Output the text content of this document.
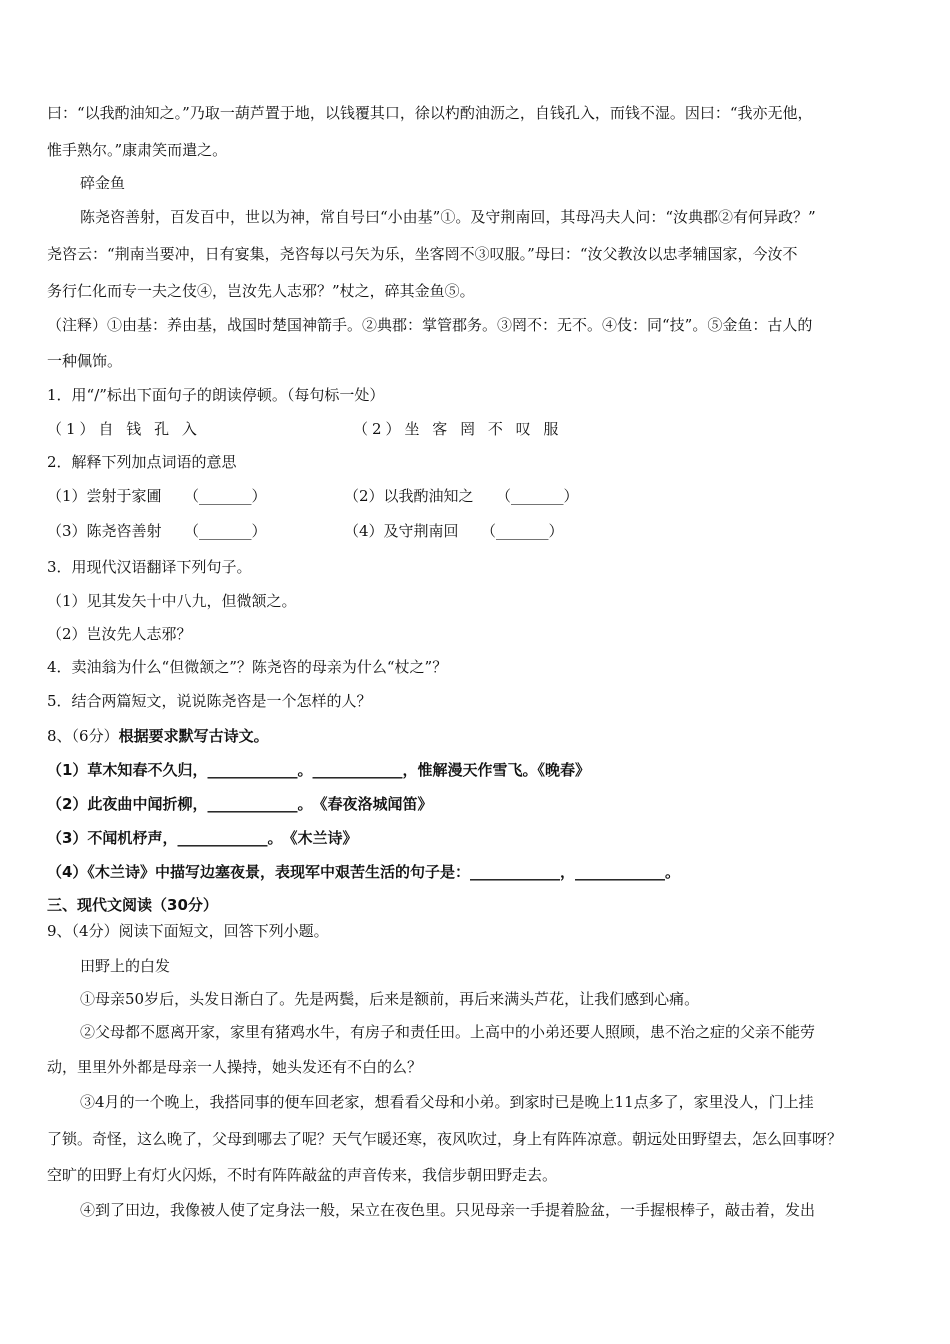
曰：“以我酌油知之。”乃取一葫芦置于地，以钱覆其口，徐以杓酌油沥之，自钱孔入，而钱不湿。因曰：“我亦无他，
惟手熟尔。”康肃笑而遣之。
碎金鱼
陈尧咨善射，百发百中，世以为神，常自号曰“小由基”①。及守荆南回，其母冯夫人问：“汝典郡②有何异政？”
尧咨云：“荆南当要冲，日有宴集，尧咨每以弓矢为乐，坐客罔不③叹服。”母曰：“汝父教汝以忠孝辅国家，今汝不
务行仁化而专一夫之伎④，岂汝先人志邪？”杖之，碎其金鱼⑤。
（注释）①由基：养由基，战国时楚国神箭手。②典郡：掌管郡务。③罔不：无不。④伎：同“技”。⑤金鱼：古人的
一种佩饰。
1．用“/”标出下面句子的朗读停顿。（每句标一处）
（1）自 钱 孔 入	（2）坐 客 罔 不 叹 服
2．解释下列加点词语的意思
（1）尝射于家圃　　（_______）	（2）以我酌油知之　　（_______）
（3）陈尧咨善射　　（_______）	（4）及守荆南回　　（_______）
3．用现代汉语翻译下列句子。
（1）见其发矢十中八九，但微颔之。
（2）岂汝先人志邪？
4．卖油翁为什么“但微颔之”？陈尧咨的母亲为什么“杖之”？
5．结合两篇短文，说说陈尧咨是一个怎样的人？
8、（6分）根据要求默写古诗文。
（1）草木知春不久归，____________。____________，惟解漫天作雪飞。《晚春》
（2）此夜曲中闻折柳，____________。　《春夜洛城闻笛》
（3）不闻机杼声，____________。　《木兰诗》
（4）《木兰诗》中描写边塞夜景，表现军中艰苦生活的句子是：____________，____________。
三、现代文阅读（30分）
9、（4分）阅读下面短文，回答下列小题。
田野上的白发
①母亲50岁后，头发日渐白了。先是两鬓，后来是额前，再后来满头芦花，让我们感到心痛。
②父母都不愿离开家，家里有猪鸡水牛，有房子和责任田。上高中的小弟还要人照顾，患不治之症的父亲不能劳
动，里里外外都是母亲一人操持，她头发还有不白的么？
③4月的一个晚上，我搭同事的便车回老家，想看看父母和小弟。到家时已是晚上11点多了，家里没人，门上挂
了锁。奇怪，这么晚了，父母到哪去了呢？天气乍暖还寒，夜风吹过，身上有阵阵凉意。朝远处田野望去，怎么回事呀？
空旷的田野上有灯火闪烁，不时有阵阵敲盆的声音传来，我信步朝田野走去。
④到了田边，我像被人使了定身法一般，呆立在夜色里。只见母亲一手提着脸盆，一手握根棒子，敲击着，发出
